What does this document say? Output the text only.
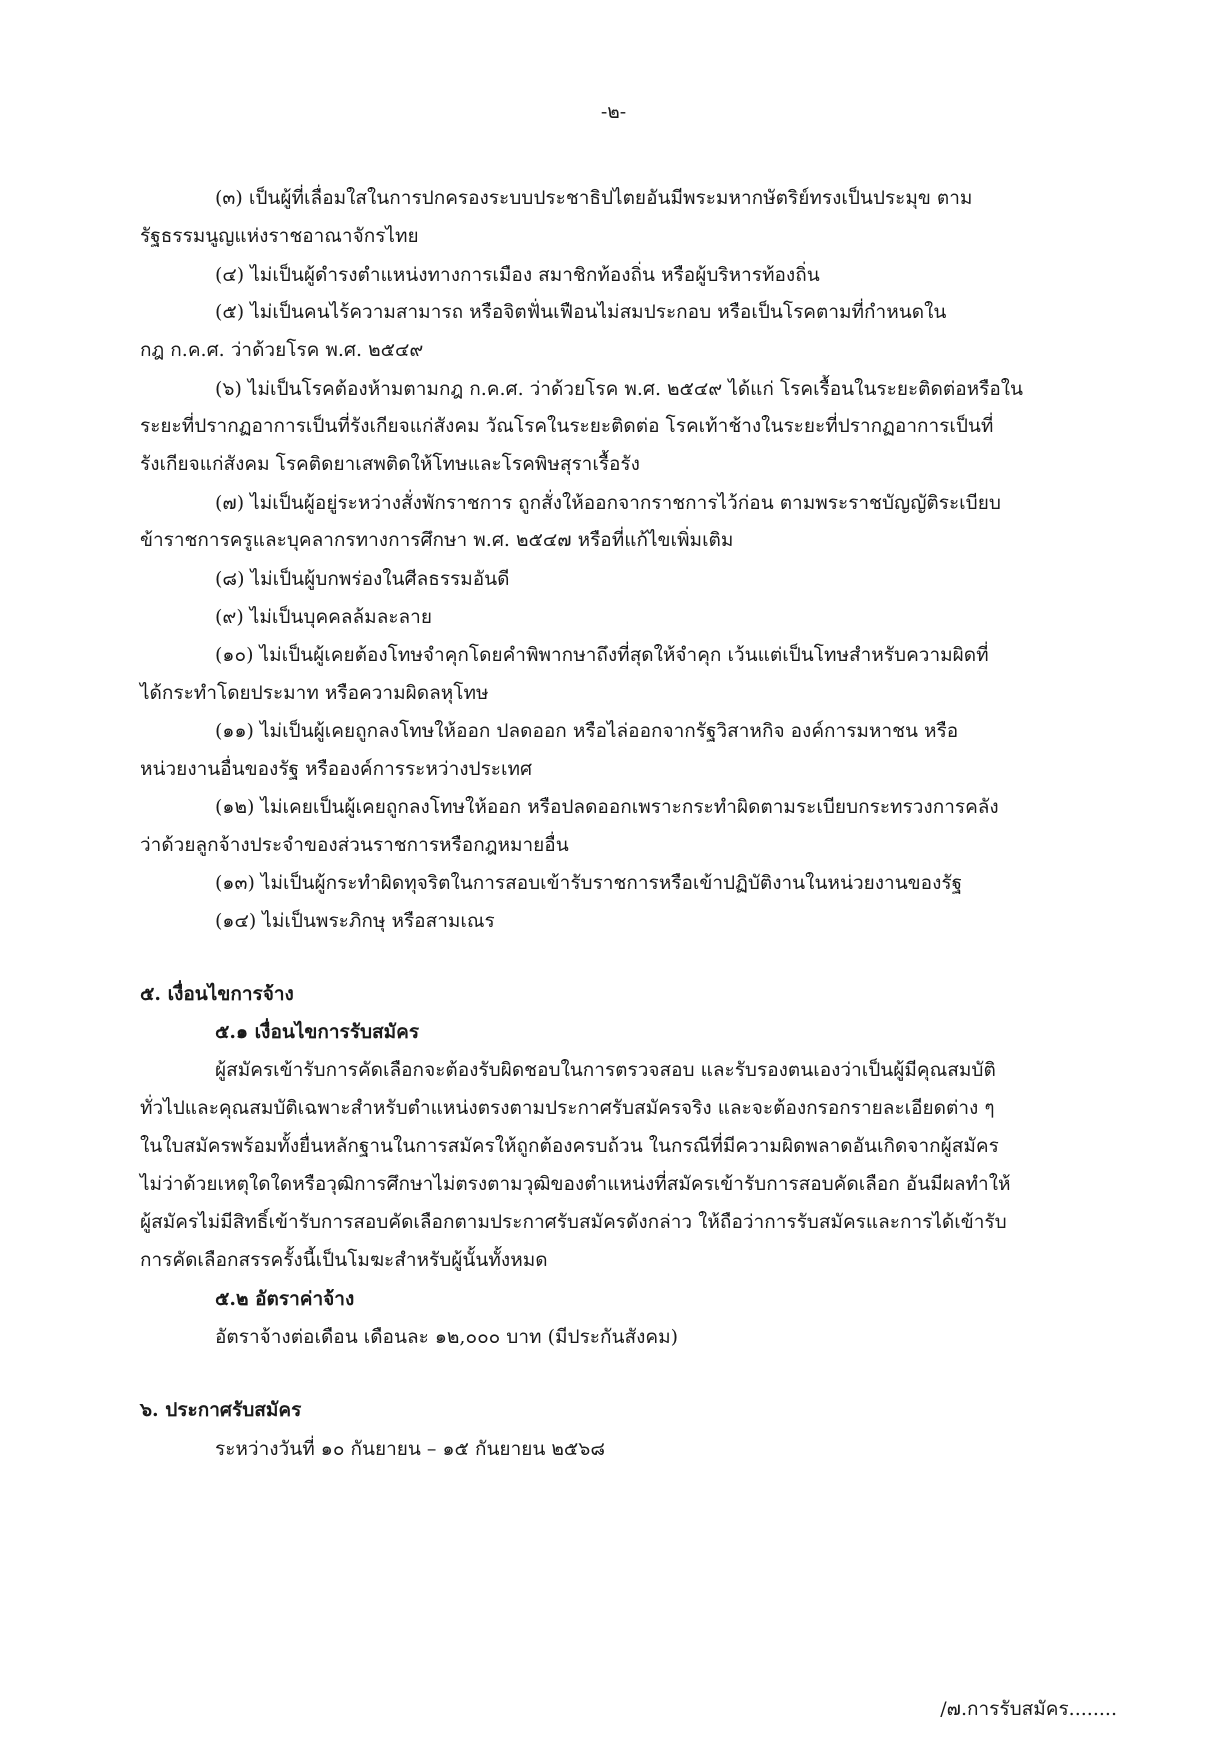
-๒-
(๓) เป็นผู้ที่เลื่อมใสในการปกครองระบบประชาธิปไตยอันมีพระมหากษัตริย์ทรงเป็นประมุข ตาม
รัฐธรรมนูญแห่งราชอาณาจักรไทย
(๔) ไม่เป็นผู้ดำรงตำแหน่งทางการเมือง สมาชิกท้องถิ่น หรือผู้บริหารท้องถิ่น
(๕) ไม่เป็นคนไร้ความสามารถ หรือจิตฟั่นเฟือนไม่สมประกอบ หรือเป็นโรคตามที่กำหนดใน
กฎ ก.ค.ศ. ว่าด้วยโรค พ.ศ. ๒๕๔๙
(๖) ไม่เป็นโรคต้องห้ามตามกฎ ก.ค.ศ. ว่าด้วยโรค พ.ศ. ๒๕๔๙ ได้แก่ โรคเรื้อนในระยะติดต่อหรือใน
ระยะที่ปรากฏอาการเป็นที่รังเกียจแก่สังคม วัณโรคในระยะติดต่อ โรคเท้าช้างในระยะที่ปรากฏอาการเป็นที่
รังเกียจแก่สังคม โรคติดยาเสพติดให้โทษและโรคพิษสุราเรื้อรัง
(๗) ไม่เป็นผู้อยู่ระหว่างสั่งพักราชการ ถูกสั่งให้ออกจากราชการไว้ก่อน ตามพระราชบัญญัติระเบียบ
ข้าราชการครูและบุคลากรทางการศึกษา พ.ศ. ๒๕๔๗ หรือที่แก้ไขเพิ่มเติม
(๘) ไม่เป็นผู้บกพร่องในศีลธรรมอันดี
(๙) ไม่เป็นบุคคลล้มละลาย
(๑๐) ไม่เป็นผู้เคยต้องโทษจำคุกโดยคำพิพากษาถึงที่สุดให้จำคุก เว้นแต่เป็นโทษสำหรับความผิดที่
ได้กระทำโดยประมาท หรือความผิดลหุโทษ
(๑๑) ไม่เป็นผู้เคยถูกลงโทษให้ออก ปลดออก หรือไล่ออกจากรัฐวิสาหกิจ องค์การมหาชน หรือ
หน่วยงานอื่นของรัฐ หรือองค์การระหว่างประเทศ
(๑๒) ไม่เคยเป็นผู้เคยถูกลงโทษให้ออก หรือปลดออกเพราะกระทำผิดตามระเบียบกระทรวงการคลัง
ว่าด้วยลูกจ้างประจำของส่วนราชการหรือกฎหมายอื่น
(๑๓) ไม่เป็นผู้กระทำผิดทุจริตในการสอบเข้ารับราชการหรือเข้าปฏิบัติงานในหน่วยงานของรัฐ
(๑๔) ไม่เป็นพระภิกษุ หรือสามเณร
๕. เงื่อนไขการจ้าง
๕.๑ เงื่อนไขการรับสมัคร
ผู้สมัครเข้ารับการคัดเลือกจะต้องรับผิดชอบในการตรวจสอบ และรับรองตนเองว่าเป็นผู้มีคุณสมบัติ
ทั่วไปและคุณสมบัติเฉพาะสำหรับตำแหน่งตรงตามประกาศรับสมัครจริง และจะต้องกรอกรายละเอียดต่าง ๆ
ในใบสมัครพร้อมทั้งยื่นหลักฐานในการสมัครให้ถูกต้องครบถ้วน ในกรณีที่มีความผิดพลาดอันเกิดจากผู้สมัคร
ไม่ว่าด้วยเหตุใดใดหรือวุฒิการศึกษาไม่ตรงตามวุฒิของตำแหน่งที่สมัครเข้ารับการสอบคัดเลือก อันมีผลทำให้
ผู้สมัครไม่มีสิทธิ์เข้ารับการสอบคัดเลือกตามประกาศรับสมัครดังกล่าว ให้ถือว่าการรับสมัครและการได้เข้ารับ
การคัดเลือกสรรครั้งนี้เป็นโมฆะสำหรับผู้นั้นทั้งหมด
๕.๒ อัตราค่าจ้าง
อัตราจ้างต่อเดือน เดือนละ ๑๒,๐๐๐ บาท (มีประกันสังคม)
๖. ประกาศรับสมัคร
ระหว่างวันที่ ๑๐ กันยายน – ๑๕ กันยายน ๒๕๖๘
/๗.การรับสมัคร........
